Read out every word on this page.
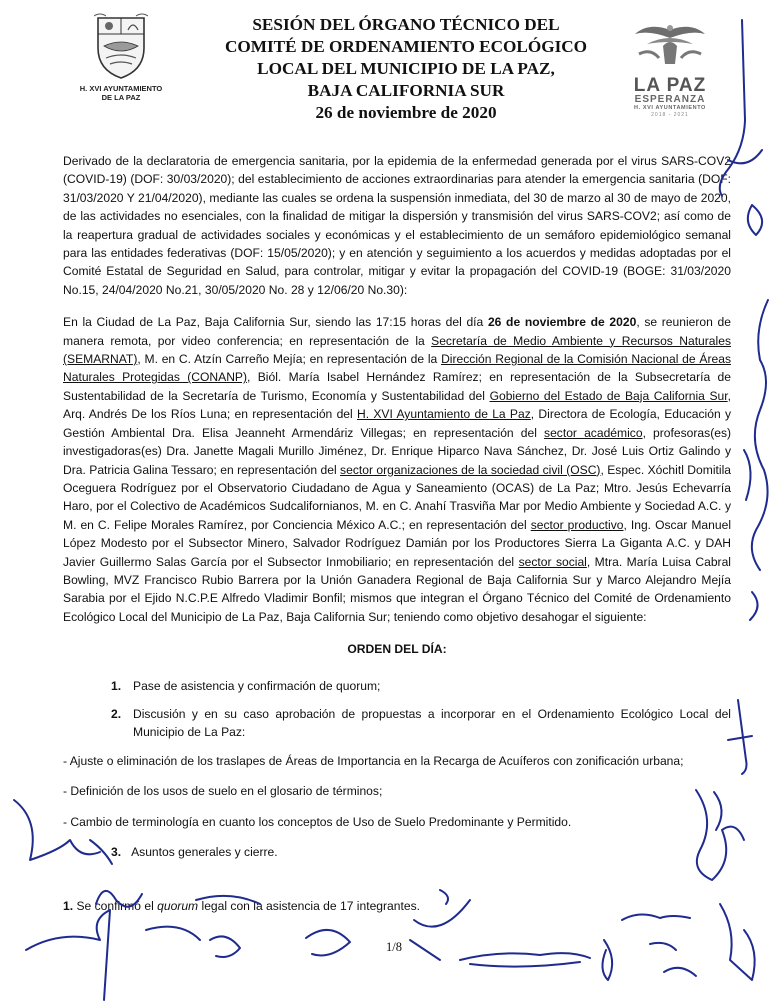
H. XVI AYUNTAMIENTO
DE LA PAZ
SESIÓN DEL ÓRGANO TÉCNICO DEL
COMITÉ DE ORDENAMIENTO ECOLÓGICO
LOCAL DEL MUNICIPIO DE LA PAZ,
BAJA CALIFORNIA SUR
26 de noviembre de 2020
LA PAZ
ESPERANZA
H. XVI AYUNTAMIENTO
2018 - 2021

Derivado de la declaratoria de emergencia sanitaria, por la epidemia de la enfermedad generada por el virus SARS-COV2 (COVID-19) (DOF: 30/03/2020); del establecimiento de acciones extraordinarias para atender la emergencia sanitaria (DOF: 31/03/2020 Y 21/04/2020), mediante las cuales se ordena la suspensión inmediata, del 30 de marzo al 30 de mayo de 2020, de las actividades no esenciales, con la finalidad de mitigar la dispersión y transmisión del virus SARS-COV2; así como de la reapertura gradual de actividades sociales y económicas y el establecimiento de un semáforo epidemiológico semanal para las entidades federativas (DOF: 15/05/2020); y en atención y seguimiento a los acuerdos y medidas adoptadas por el Comité Estatal de Seguridad en Salud, para controlar, mitigar y evitar la propagación del COVID-19 (BOGE: 31/03/2020 No.15, 24/04/2020 No.21, 30/05/2020 No. 28 y 12/06/20 No.30):

En la Ciudad de La Paz, Baja California Sur, siendo las 17:15 horas del día 26 de noviembre de 2020, se reunieron de manera remota, por video conferencia; en representación de la Secretaría de Medio Ambiente y Recursos Naturales (SEMARNAT), M. en C. Atzín Carreño Mejía; en representación de la Dirección Regional de la Comisión Nacional de Áreas Naturales Protegidas (CONANP), Biól. María Isabel Hernández Ramírez; en representación de la Subsecretaría de Sustentabilidad de la Secretaría de Turismo, Economía y Sustentabilidad del Gobierno del Estado de Baja California Sur, Arq. Andrés De los Ríos Luna; en representación del H. XVI Ayuntamiento de La Paz, Directora de Ecología, Educación y Gestión Ambiental Dra. Elisa Jeanneht Armendáriz Villegas; en representación del sector académico, profesoras(es) investigadoras(es) Dra. Janette Magali Murillo Jiménez, Dr. Enrique Hiparco Nava Sánchez, Dr. José Luis Ortiz Galindo y Dra. Patricia Galina Tessaro; en representación del sector organizaciones de la sociedad civil (OSC), Espec. Xóchitl Domitila Oceguera Rodríguez por el Observatorio Ciudadano de Agua y Saneamiento (OCAS) de La Paz; Mtro. Jesús Echevarría Haro, por el Colectivo de Académicos Sudcalifornianos, M. en C. Anahí Trasviña Mar por Medio Ambiente y Sociedad A.C. y M. en C. Felipe Morales Ramírez, por Conciencia México A.C.; en representación del sector productivo, Ing. Oscar Manuel López Modesto por el Subsector Minero, Salvador Rodríguez Damián por los Productores Sierra La Giganta A.C. y DAH Javier Guillermo Salas García por el Subsector Inmobiliario; en representación del sector social, Mtra. María Luisa Cabral Bowling, MVZ Francisco Rubio Barrera por la Unión Ganadera Regional de Baja California Sur y Marco Alejandro Mejía Sarabia por el Ejido N.C.P.E Alfredo Vladimir Bonfil; mismos que integran el Órgano Técnico del Comité de Ordenamiento Ecológico Local del Municipio de La Paz, Baja California Sur; teniendo como objetivo desahogar el siguiente:

ORDEN DEL DÍA:
1. Pase de asistencia y confirmación de quorum;
2. Discusión y en su caso aprobación de propuestas a incorporar en el Ordenamiento Ecológico Local del Municipio de La Paz:
- Ajuste o eliminación de los traslapes de Áreas de Importancia en la Recarga de Acuíferos con zonificación urbana;
- Definición de los usos de suelo en el glosario de términos;
- Cambio de terminología en cuanto los conceptos de Uso de Suelo Predominante y Permitido.
3. Asuntos generales y cierre.
1. Se confirmó el quorum legal con la asistencia de 17 integrantes.
1/8
